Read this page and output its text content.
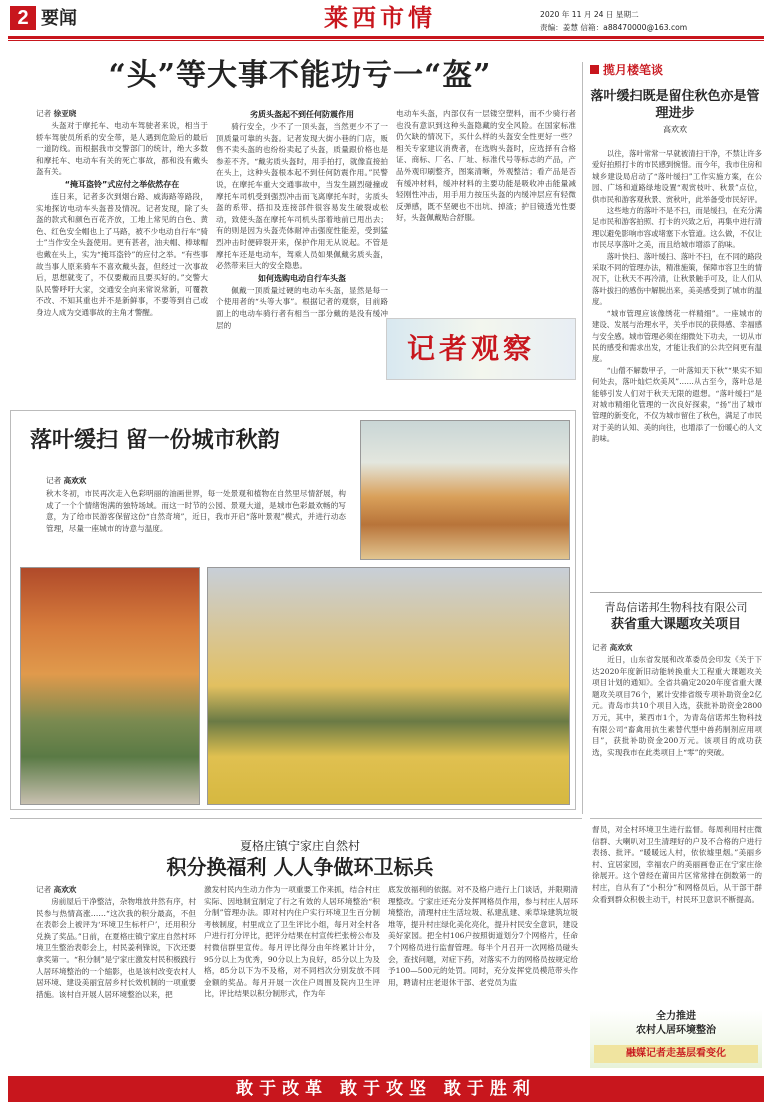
2 要闻	莱西市情	2020 年 11 月 24 日 星期二
责编：姜慧 信箱：a88470000@163.com
“头”等大事不能功亏一“盔”
记者 徐亚晓

头盔对于摩托车、电动车驾驶者来说，相当于轿车驾驶员所系的安全带，是人遇到危险后的最后一道防线。而根据我市交警部门的统计，绝大多数和摩托车、电动车有关的死亡事故，都和没有戴头盔有关。

“掩耳盗铃”式应付之举依然存在

连日来，记者多次到烟台路、威海路等路段，实地探访电动车头盔普及情况。记者发现，除了头盔的款式和颜色百花齐放，工地上常见的白色、黄色、红色安全帽也上了马路，被不少电动自行车“骑士”当作安全头盔使用。更有甚者，油夫帽、棒球帽也戴在头上，实为“掩耳盗铃”的应付之举。“有些事故当事人原来骑车不喜欢戴头盔，但经过一次事故后，思想就变了，不仅要戴而且要买好的。”交警大队民警呼吁大家，交通安全向来常说常新，可覆教不改、不知其重也并不是新鲜事，不要等到自己或身边人成为交通事故的主角才警醒。

劣质头盔起不到任何防震作用

骑行安全，少不了一顶头盔，当然更少不了一顶质量可靠的头盔。记者发现大街小巷的门店，贩售不卖头盔的也纷纷卖起了头盔，质量跟价格也是参差不齐。“戴劣质头盔时，用手拍打，就像直接拍在头上，这种头盔根本起不到任何防震作用。”民警说，在摩托车重大交通事故中，当发生剧烈碰撞或摩托车司机受到强烈冲击而飞离摩托车时，劣质头盔的系带、搭扣及连接部件很容易发生破裂或松动，致使头盔在摩托车司机头部着地前已甩出去；有的则是因为头盔壳体耐冲击强度性能差，受到猛烈冲击时便碎裂开来，保护作用无从说起。不管是摩托车还是电动车，驾乘人员如果佩戴劣质头盔，必然带来巨大的安全隐患。

如何选购电动自行车头盔

佩戴一顶质量过硬的电动车头盔，显然是每一个使用者的“头等大事”。根据记者的观察，目前路面上的电动车骑行者有相当一部分戴的是没有缓冲层的

电动车头盔，内部仅有一层镂空塑料，而不少骑行者也没有意识到这种头盔隐藏的安全风险。在国家标准仍欠缺的情况下，买什么样的头盔安全性更好一些？相关专家建议消费者，在选购头盔时，应选择有合格证、商标、厂名、厂址、标准代号等标志的产品，产品外观印刷整齐，图案清晰，外观整洁；看产品是否有缓冲材料，缓冲材料的主要功能是吸收冲击能量减轻刚性冲击，用手用力按压头盔的内缓冲层应有轻微反弹感，既不坚硬也不出坑、掉渣；护目镜透光性要好，头盔佩戴贴合舒服。

记者观察
揽月楼笔谈
落叶缓扫既是留住秋色亦是管理进步
高欢欢

以往，落叶常常一早就被清扫干净，不禁让许多爱好拍照打卡的市民感到惋惜。而今年，我市住房和城乡建设局启动了“落叶缓扫”工作实施方案，在公园、广场和道路绿地设置“观赏枝叶、秋景”点位，供市民和游客观秋景、赏秋叶，此举备受市民好评。

这些地方的落叶不是不扫，而是缓扫，在充分满足市民和游客拍照、打卡的兴致之后，再集中进行清理以避免影响市容或堵塞下水管道。这么做，不仅让市民尽享落叶之美，而且给城市增添了韵味。

落叶快扫、落叶缓扫、落叶不扫，在不同的路段采取不同的管理办法，精准施策，保障市容卫生的情况下，让秋天不再冷清，让秋景触手可及，让人们从落叶拔扫的感伤中解脱出来，美美感受到了城市的温度。

“城市管理应该像绣花一样精细”。一座城市的建设、发展与治理水平，关乎市民的获得感、幸福感与安全感。城市管理必须在细微处下功夫，一切从市民的感受和需求出发，才能让我们的公共空间更有温度。

“山僧不解数甲子，一叶落知天下秋”“果实不知何处去，落叶灿烂炊美风”……从古至今，落叶总是能够引发人们对于秋天无限的遐想。“落叶缓扫”是对城市精细化管理的一次良好探索，“扬”出了城市管理的新变化，不仅为城市留住了秋色，满足了市民对于美的认知、美的向往，也增添了一份暖心的人文韵味。

青岛信诺邦生物科技有限公司
获省重大课题攻关项目
记者 高欢欢

近日，山东省发展和改革委员会印发《关于下达2020年度新旧动能转换重大工程重大课题攻关项目计划的通知》。全省共确定2020年度省重大课题攻关项目76个，累计安排省级专项补助资金2亿元。青岛市共10个项目入选，获批补助资金2800万元，其中，莱西市1个，为青岛信诺邦生物科技有限公司“畜禽用抗生素替代型中兽药制剂应用项目”，获批补助资金200万元。该项目的成功获选，实现我市在此类项目上“零”的突破。

落叶缓扫 留一份城市秋韵
记者 高欢欢
秋木冬初，市民再次走入色彩明丽的油画世界，每一处景观和植物在自然里尽情舒展，构成了一个个情绪饱满的独特场域。而这一时节的公园、景观大道，是城市色彩最欢畅的写意，为了给市民游客保留这份“自然奇境”，近日，我市开启“落叶景观”模式，并进行动态管理，尽量一座城市的诗意与温度。
夏格庄镇宁家庄自然村
积分换福利 人人争做环卫标兵
记者 高欢欢

房前屋后干净整洁，杂物堆放井然有序，村民参与热情高涨……“这次我的积分最高，不但在表彰会上被评为‘环境卫生标杆户’，还用积分兑换了奖品。”日前，在夏格庄镇宁家庄自然村环境卫生整治表彰会上，村民姜利锋说，下次还要拿奖第一。“积分制”是宁家庄激发村民积极践行人居环境整治的一个缩影，也是该村改变农村人居环境、建设美丽宜居乡村长效机制的一项重要措施。该村自开展人居环境整治以来，把

激发村民内生动力作为一项重要工作来抓，结合村庄实际、因地制宜制定了行之有效的人居环境整治“积分制”管理办法。即对村内住户实行环境卫生百分制考核制度，村里成立了卫生评比小组，每月对全村各户进行打分评比，把评分结果在村宣传栏张榜公布及村微信群里宣传。每月评比得分由年终累计计分，95分以上为优秀，90分以上为良好，85分以上为及格，85分以下为不及格，对不同档次分别发放不同金额的奖品。每月开展一次住户周围及院内卫生评比，评比结果以积分制形式，作为年

底发放福利的依据。对不及格户进行上门谈话，并限期清理整改。宁家庄还充分发挥网格员作用，参与村庄人居环境整治，清理村庄生活垃圾、私建乱建、乘草垛建筑垃圾堆等，提升村庄绿化美化亮化，提升村民安全意识，建设美好家园。把全村106户按照街道划分7个网格片，任命7个网格员进行监督管理。每半个月召开一次网格员碰头会，查找问题，对症下药，对落实不力的网格员按规定给予100—500元的处罚。同时，充分发挥党员模范带头作用，聘请村庄老退休干部、老党员为监

督员，对全村环境卫生进行监督。每周利用村庄微信群、大喇叭对卫生清理好的户及不合格的户进行表扬、批评。“暖暖远人村，依依墟里烟。”美丽乡村、宜居家园，幸福农户的美丽画卷正在宁家庄徐徐展开。这个曾经在莆田片区常常排在倒数第一的村庄，自从有了“小积分”和网格员后，从干部干群众看到群众积极主动干，村民环卫意识不断提高。

全力推进
农村人居环境整治
融媒记者走基层看变化
敢于改革 敢于攻坚 敢于胜利
